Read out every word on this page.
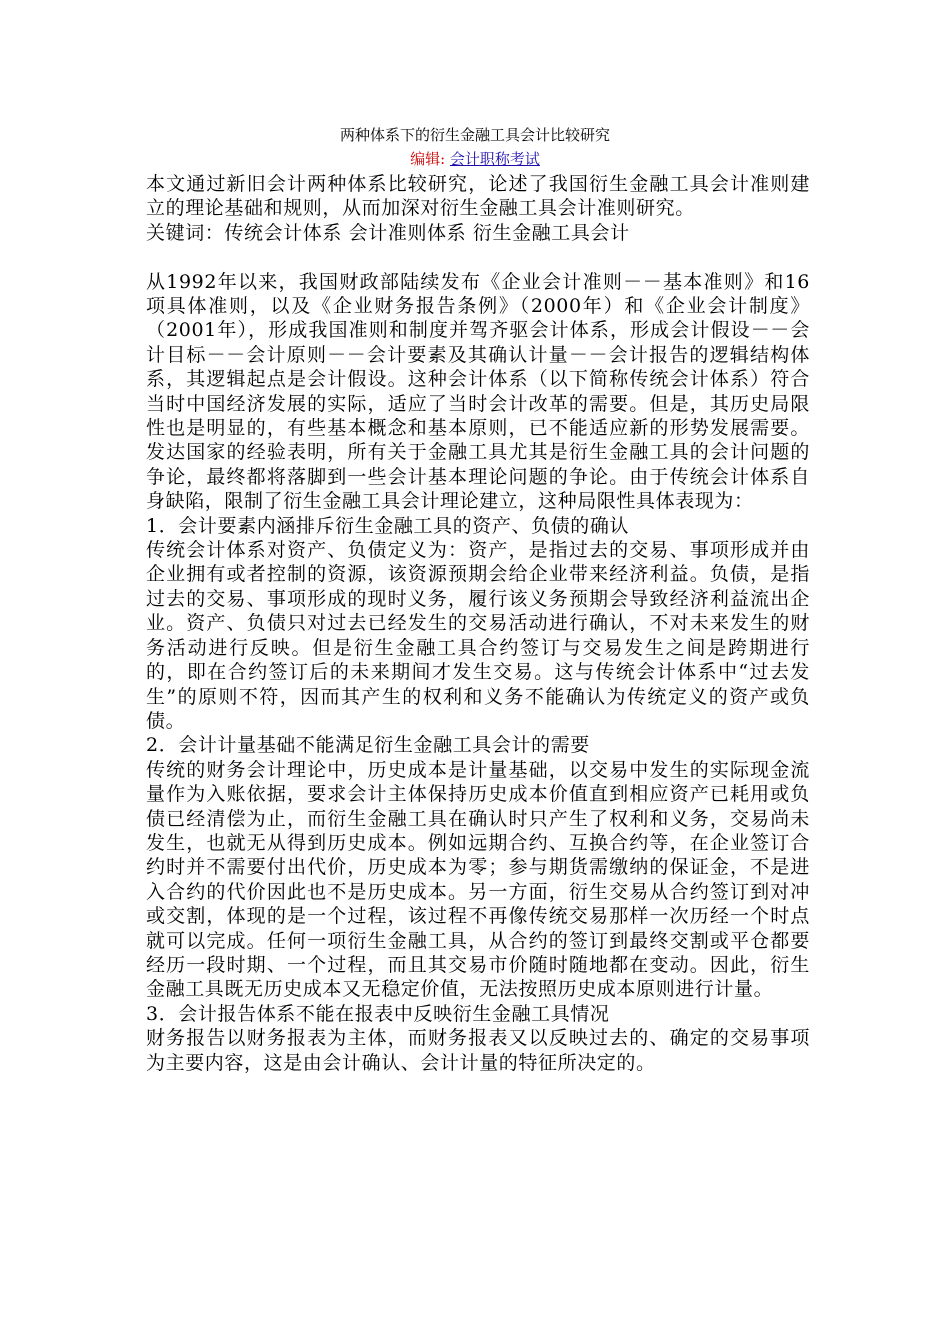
两种体系下的衍生金融工具会计比较研究
编辑: 会计职称考试

本文通过新旧会计两种体系比较研究，论述了我国衍生金融工具会计准则建立的理论基础和规则，从而加深对衍生金融工具会计准则研究。

关键词：传统会计体系 会计准则体系 衍生金融工具会计

从1992年以来，我国财政部陆续发布《企业会计准则－－基本准则》和16项具体准则，以及《企业财务报告条例》（2000年）和《企业会计制度》（2001年），形成我国准则和制度并驾齐驱会计体系，形成会计假设－－会计目标－－会计原则－－会计要素及其确认计量－－会计报告的逻辑结构体系，其逻辑起点是会计假设。这种会计体系（以下简称传统会计体系）符合当时中国经济发展的实际，适应了当时会计改革的需要。但是，其历史局限性也是明显的，有些基本概念和基本原则，已不能适应新的形势发展需要。发达国家的经验表明，所有关于金融工具尤其是衍生金融工具的会计问题的争论，最终都将落脚到一些会计基本理论问题的争论。由于传统会计体系自身缺陷，限制了衍生金融工具会计理论建立，这种局限性具体表现为：

1．会计要素内涵排斥衍生金融工具的资产、负债的确认

传统会计体系对资产、负债定义为：资产，是指过去的交易、事项形成并由企业拥有或者控制的资源，该资源预期会给企业带来经济利益。负债，是指过去的交易、事项形成的现时义务，履行该义务预期会导致经济利益流出企业。资产、负债只对过去已经发生的交易活动进行确认，不对未来发生的财务活动进行反映。但是衍生金融工具合约签订与交易发生之间是跨期进行的，即在合约签订后的未来期间才发生交易。这与传统会计体系中“过去发生”的原则不符，因而其产生的权利和义务不能确认为传统定义的资产或负债。

2．会计计量基础不能满足衍生金融工具会计的需要

传统的财务会计理论中，历史成本是计量基础，以交易中发生的实际现金流量作为入账依据，要求会计主体保持历史成本价值直到相应资产已耗用或负债已经清偿为止，而衍生金融工具在确认时只产生了权利和义务，交易尚未发生，也就无从得到历史成本。例如远期合约、互换合约等，在企业签订合约时并不需要付出代价，历史成本为零；参与期货需缴纳的保证金，不是进入合约的代价因此也不是历史成本。另一方面，衍生交易从合约签订到对冲或交割，体现的是一个过程，该过程不再像传统交易那样一次历经一个时点就可以完成。任何一项衍生金融工具，从合约的签订到最终交割或平仓都要经历一段时期、一个过程，而且其交易市价随时随地都在变动。因此，衍生金融工具既无历史成本又无稳定价值，无法按照历史成本原则进行计量。

3．会计报告体系不能在报表中反映衍生金融工具情况

财务报告以财务报表为主体，而财务报表又以反映过去的、确定的交易事项为主要内容，这是由会计确认、会计计量的特征所决定的。
